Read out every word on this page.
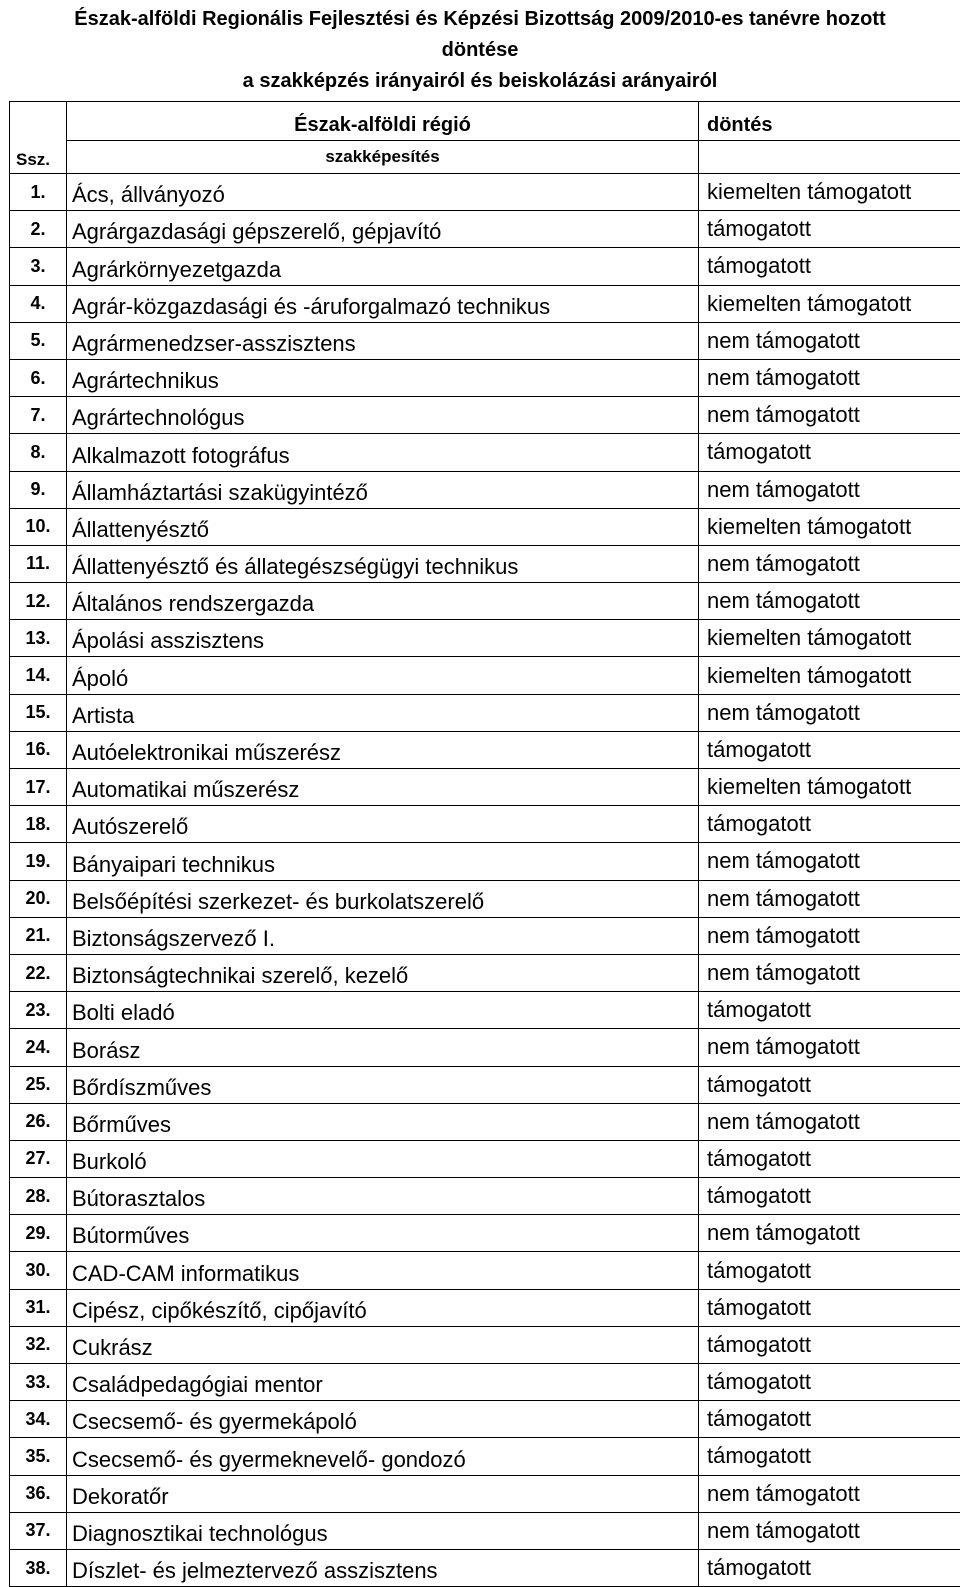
Észak-alföldi Regionális Fejlesztési és Képzési Bizottság 2009/2010-es tanévre hozott
döntése
a szakképzés irányairól és beiskolázási arányairól
Ssz.	Észak-alföldi régió	döntés
	szakképesítés	
1.	Ács, állványozó	kiemelten támogatott
2.	Agrárgazdasági gépszerelő, gépjavító	támogatott
3.	Agrárkörnyezetgazda	támogatott
4.	Agrár-közgazdasági és -áruforgalmazó technikus	kiemelten támogatott
5.	Agrármenedzser-asszisztens	nem támogatott
6.	Agrártechnikus	nem támogatott
7.	Agrártechnológus	nem támogatott
8.	Alkalmazott fotográfus	támogatott
9.	Államháztartási szakügyintéző	nem támogatott
10.	Állattenyésztő	kiemelten támogatott
11.	Állattenyésztő és állategészségügyi technikus	nem támogatott
12.	Általános rendszergazda	nem támogatott
13.	Ápolási asszisztens	kiemelten támogatott
14.	Ápoló	kiemelten támogatott
15.	Artista	nem támogatott
16.	Autóelektronikai műszerész	támogatott
17.	Automatikai műszerész	kiemelten támogatott
18.	Autószerelő	támogatott
19.	Bányaipari technikus	nem támogatott
20.	Belsőépítési szerkezet- és burkolatszerelő	nem támogatott
21.	Biztonságszervező I.	nem támogatott
22.	Biztonságtechnikai szerelő, kezelő	nem támogatott
23.	Bolti eladó	támogatott
24.	Borász	nem támogatott
25.	Bőrdíszműves	támogatott
26.	Bőrműves	nem támogatott
27.	Burkoló	támogatott
28.	Bútorasztalos	támogatott
29.	Bútorműves	nem támogatott
30.	CAD-CAM informatikus	támogatott
31.	Cipész, cipőkészítő, cipőjavító	támogatott
32.	Cukrász	támogatott
33.	Családpedagógiai mentor	támogatott
34.	Csecsemő- és gyermekápoló	támogatott
35.	Csecsemő- és gyermeknevelő- gondozó	támogatott
36.	Dekoratőr	nem támogatott
37.	Diagnosztikai technológus	nem támogatott
38.	Díszlet- és jelmeztervező asszisztens	támogatott
